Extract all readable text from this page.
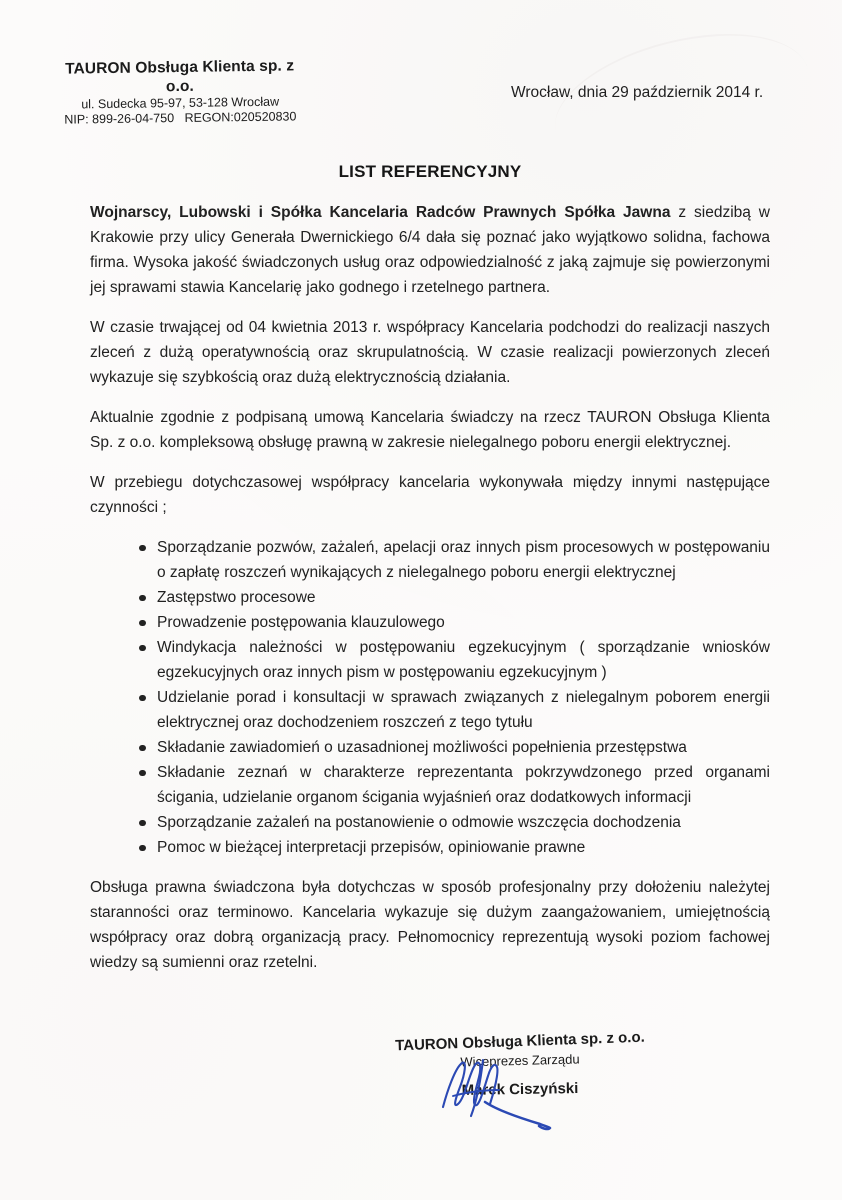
TAURON Obsługa Klienta sp. z o.o.
ul. Sudecka 95-97, 53-128 Wrocław
NIP: 899-26-04-750   REGON:020520830
Wrocław, dnia 29 październik 2014 r.
LIST REFERENCYJNY

Wojnarscy, Lubowski i Spółka Kancelaria Radców Prawnych Spółka Jawna z siedzibą w Krakowie przy ulicy Generała Dwernickiego 6/4 dała się poznać jako wyjątkowo solidna, fachowa firma. Wysoka jakość świadczonych usług oraz odpowiedzialność z jaką zajmuje się powierzonymi jej sprawami stawia Kancelarię jako godnego i rzetelnego partnera.

W czasie trwającej od 04 kwietnia 2013 r. współpracy Kancelaria podchodzi do realizacji naszych zleceń z dużą operatywnością oraz skrupulatnością. W czasie realizacji powierzonych zleceń wykazuje się szybkością oraz dużą elektrycznością działania.

Aktualnie zgodnie z podpisaną umową Kancelaria świadczy na rzecz TAURON Obsługa Klienta Sp. z o.o. kompleksową obsługę prawną w zakresie nielegalnego poboru energii elektrycznej.

W przebiegu dotychczasowej współpracy kancelaria wykonywała między innymi następujące czynności ;

Sporządzanie pozwów, zażaleń, apelacji oraz innych pism procesowych w postępowaniu o zapłatę roszczeń wynikających z nielegalnego poboru energii elektrycznej
Zastępstwo procesowe
Prowadzenie postępowania klauzulowego
Windykacja należności w postępowaniu egzekucyjnym ( sporządzanie wniosków egzekucyjnych oraz innych pism w postępowaniu egzekucyjnym )
Udzielanie porad i konsultacji w sprawach związanych z nielegalnym poborem energii elektrycznej oraz dochodzeniem roszczeń z tego tytułu
Składanie zawiadomień o uzasadnionej możliwości popełnienia przestępstwa
Składanie zeznań w charakterze reprezentanta pokrzywdzonego przed organami ścigania, udzielanie organom ścigania wyjaśnień oraz dodatkowych informacji
Sporządzanie zażaleń na postanowienie o odmowie wszczęcia dochodzenia
Pomoc w bieżącej interpretacji przepisów, opiniowanie prawne

Obsługa prawna świadczona była dotychczas w sposób profesjonalny przy dołożeniu należytej staranności oraz terminowo. Kancelaria wykazuje się dużym zaangażowaniem, umiejętnością współpracy oraz dobrą organizacją pracy. Pełnomocnicy reprezentują wysoki poziom fachowej wiedzy są sumienni oraz rzetelni.

TAURON Obsługa Klienta sp. z o.o.
Wiceprezes Zarządu
Marek Ciszyński
